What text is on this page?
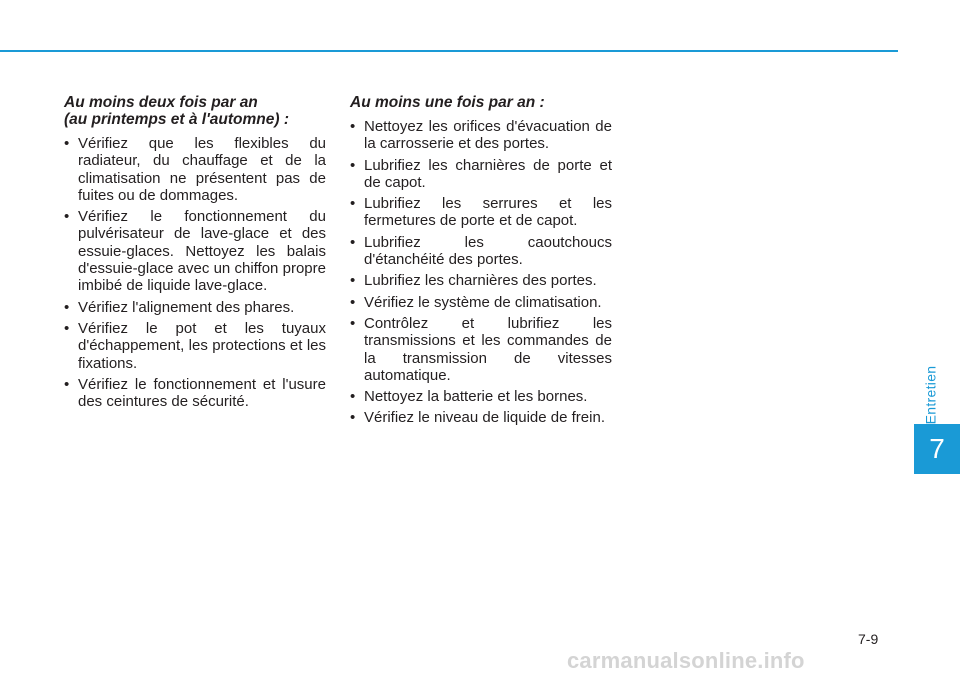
Au moins deux fois par an
(au printemps et à l'automne) :
• Vérifiez que les flexibles du radiateur, du chauffage et de la climatisation ne présentent pas de fuites ou de dommages.
• Vérifiez le fonctionnement du pulvérisateur de lave-glace et des essuie-glaces. Nettoyez les balais d'essuie-glace avec un chiffon propre imbibé de liquide lave-glace.
• Vérifiez l'alignement des phares.
• Vérifiez le pot et les tuyaux d'échappement, les protections et les fixations.
• Vérifiez le fonctionnement et l'usure des ceintures de sécurité.
Au moins une fois par an :
• Nettoyez les orifices d'évacuation de la carrosserie et des portes.
• Lubrifiez les charnières de porte et de capot.
• Lubrifiez les serrures et les fermetures de porte et de capot.
• Lubrifiez les caoutchoucs d'étanchéité des portes.
• Lubrifiez les charnières des portes.
• Vérifiez le système de climatisation.
• Contrôlez et lubrifiez les transmissions et les commandes de la transmission de vitesses automatique.
• Nettoyez la batterie et les bornes.
• Vérifiez le niveau de liquide de frein.	Entretien
7
7-9
carmanualsonline.info
